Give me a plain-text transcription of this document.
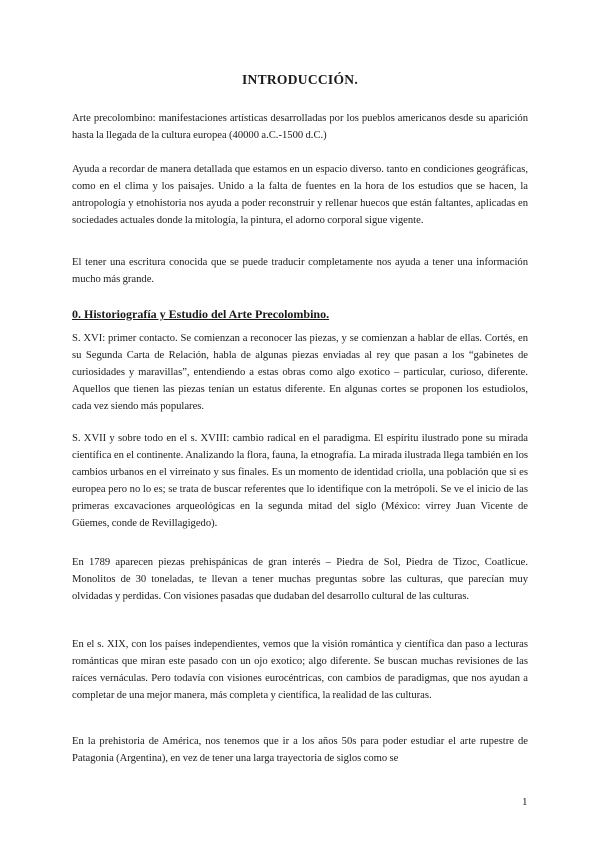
INTRODUCCIÓN.

Arte precolombino: manifestaciones artísticas desarrolladas por los pueblos americanos desde su aparición hasta la llegada de la cultura europea (40000 a.C.-1500 d.C.)

Ayuda a recordar de manera detallada que estamos en un espacio diverso. tanto en condiciones geográficas, como en el clima y los paisajes. Unido a la falta de fuentes en la hora de los estudios que se hacen, la antropología y etnohistoria nos ayuda a poder reconstruir y rellenar huecos que están faltantes, aplicadas en sociedades actuales donde la mitología, la pintura, el adorno corporal sigue vigente.

El tener una escritura conocida que se puede traducir completamente nos ayuda a tener una información mucho más grande.

0. Historiografía y Estudio del Arte Precolombino.

S. XVI: primer contacto. Se comienzan a reconocer las piezas, y se comienzan a hablar de ellas. Cortés, en su Segunda Carta de Relación, habla de algunas piezas enviadas al rey que pasan a los “gabinetes de curiosidades y maravillas”, entendiendo a estas obras como algo exotico – particular, curioso, diferente. Aquellos que tienen las piezas tenían un estatus diferente. En algunas cortes se proponen los estudiolos, cada vez siendo más populares.

S. XVII y sobre todo en el s. XVIII: cambio radical en el paradigma. El espíritu ilustrado pone su mirada científica en el continente. Analizando la flora, fauna, la etnografía. La mirada ilustrada llega también en los cambios urbanos en el virreinato y sus finales. Es un momento de identidad criolla, una población que si es europea pero no lo es; se trata de buscar referentes que lo identifique con la metrópoli. Se ve el inicio de las primeras excavaciones arqueológicas en la segunda mitad del siglo (México: virrey Juan Vicente de Güemes, conde de Revillagigedo).

En 1789 aparecen piezas prehispánicas de gran interés – Piedra de Sol, Piedra de Tizoc, Coatlicue. Monolitos de 30 toneladas, te llevan a tener muchas preguntas sobre las culturas, que parecían muy olvidadas y perdidas. Con visiones pasadas que dudaban del desarrollo cultural de las culturas.

En el s. XIX, con los países independientes, vemos que la visión romántica y científica dan paso a lecturas románticas que miran este pasado con un ojo exotico; algo diferente. Se buscan muchas revisiones de las raíces vernáculas. Pero todavía con visiones eurocéntricas, con cambios de paradigmas, que nos ayudan a completar de una mejor manera, más completa y científica, la realidad de las culturas.

En la prehistoria de América, nos tenemos que ir a los años 50s para poder estudiar el arte rupestre de Patagonia (Argentina), en vez de tener una larga trayectoria de siglos como se

1
